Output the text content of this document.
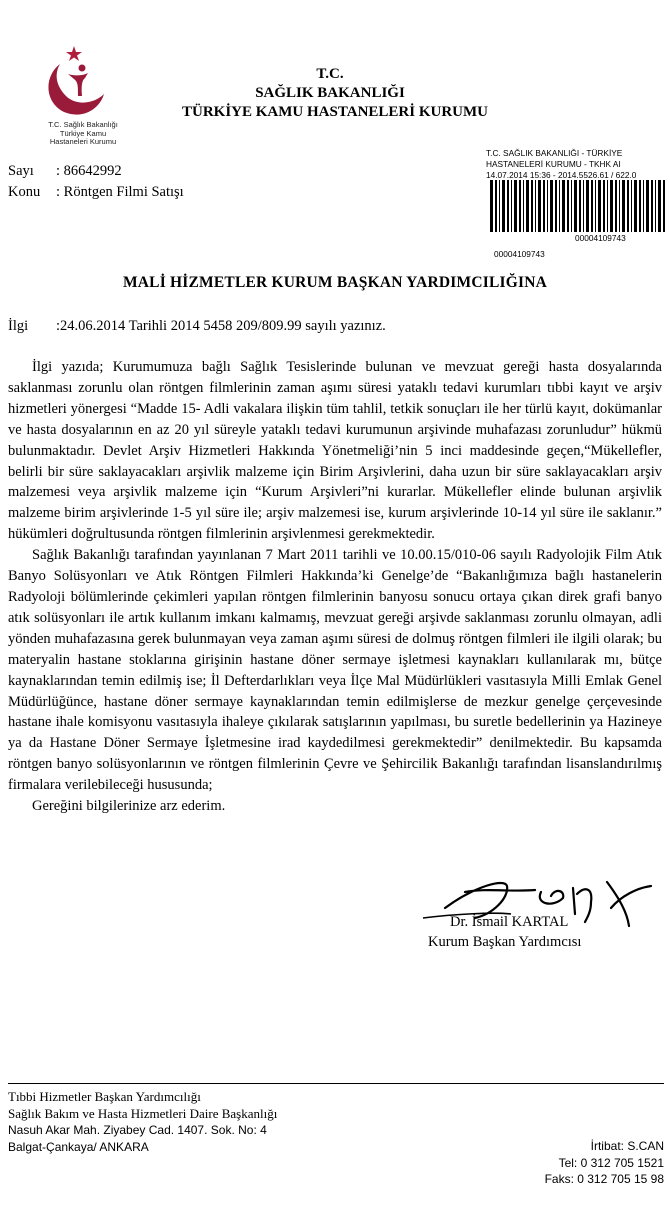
T.C. Sağlık Bakanlığı
Türkiye Kamu
Hastaneleri Kurumu
T.C.
SAĞLIK BAKANLIĞI
TÜRKİYE KAMU HASTANELERİ KURUMU
Sayı : 86642992
Konu : Röntgen Filmi Satışı
T.C. SAĞLIK BAKANLIĞI - TÜRKİYE
HASTANELERİ KURUMU - TKHK AI
14.07.2014 15:36 - 2014.5526.61 / 622.0
00004109743
00004109743
MALİ HİZMETLER KURUM BAŞKAN YARDIMCILIĞINA
İlgi :24.06.2014 Tarihli 2014 5458 209/809.99 sayılı yazınız.

İlgi yazıda; Kurumumuza bağlı Sağlık Tesislerinde bulunan ve mevzuat gereği hasta dosyalarında saklanması zorunlu olan röntgen filmlerinin zaman aşımı süresi yataklı tedavi kurumları tıbbi kayıt ve arşiv hizmetleri yönergesi “Madde 15- Adli vakalara ilişkin tüm tahlil, tetkik sonuçları ile her türlü kayıt, dokümanlar ve hasta dosyalarının en az 20 yıl süreyle yataklı tedavi kurumunun arşivinde muhafazası zorunludur” hükmü bulunmaktadır. Devlet Arşiv Hizmetleri Hakkında Yönetmeliği’nin 5 inci maddesinde geçen,“Mükellefler, belirli bir süre saklayacakları arşivlik malzeme için Birim Arşivlerini, daha uzun bir süre saklayacakları arşiv malzemesi veya arşivlik malzeme için “Kurum Arşivleri”ni kurarlar. Mükellefler elinde bulunan arşivlik malzeme birim arşivlerinde 1-5 yıl süre ile; arşiv malzemesi ise, kurum arşivlerinde 10-14 yıl süre ile saklanır.” hükümleri doğrultusunda röntgen filmlerinin arşivlenmesi gerekmektedir.

Sağlık Bakanlığı tarafından yayınlanan 7 Mart 2011 tarihli ve 10.00.15/010-06 sayılı Radyolojik Film Atık Banyo Solüsyonları ve Atık Röntgen Filmleri Hakkında’ki Genelge’de “Bakanlığımıza bağlı hastanelerin Radyoloji bölümlerinde çekimleri yapılan röntgen filmlerinin banyosu sonucu ortaya çıkan direk grafi banyo atık solüsyonları ile artık kullanım imkanı kalmamış, mevzuat gereği arşivde saklanması zorunlu olmayan, adli yönden muhafazasına gerek bulunmayan veya zaman aşımı süresi de dolmuş röntgen filmleri ile ilgili olarak; bu materyalin hastane stoklarına girişinin hastane döner sermaye işletmesi kaynakları kullanılarak mı, bütçe kaynaklarından temin edilmiş ise; İl Defterdarlıkları veya İlçe Mal Müdürlükleri vasıtasıyla Milli Emlak Genel Müdürlüğünce, hastane döner sermaye kaynaklarından temin edilmişlerse de mezkur genelge çerçevesinde hastane ihale komisyonu vasıtasıyla ihaleye çıkılarak satışlarının yapılması, bu suretle bedellerinin ya Hazineye ya da Hastane Döner Sermaye İşletmesine irad kaydedilmesi gerekmektedir” denilmektedir. Bu kapsamda röntgen banyo solüsyonlarının ve röntgen filmlerinin Çevre ve Şehircilik Bakanlığı tarafından lisanslandırılmış firmalara verilebileceği hususunda;

Gereğini bilgilerinize arz ederim.

Dr. İsmail KARTAL
Kurum Başkan Yardımcısı
Tıbbi Hizmetler Başkan Yardımcılığı
Sağlık Bakım ve Hasta Hizmetleri Daire Başkanlığı
Nasuh Akar Mah. Ziyabey Cad. 1407. Sok. No: 4
Balgat-Çankaya/ ANKARA	İrtibat: S.CAN
Tel: 0 312 705 1521
Faks: 0 312 705 15 98
